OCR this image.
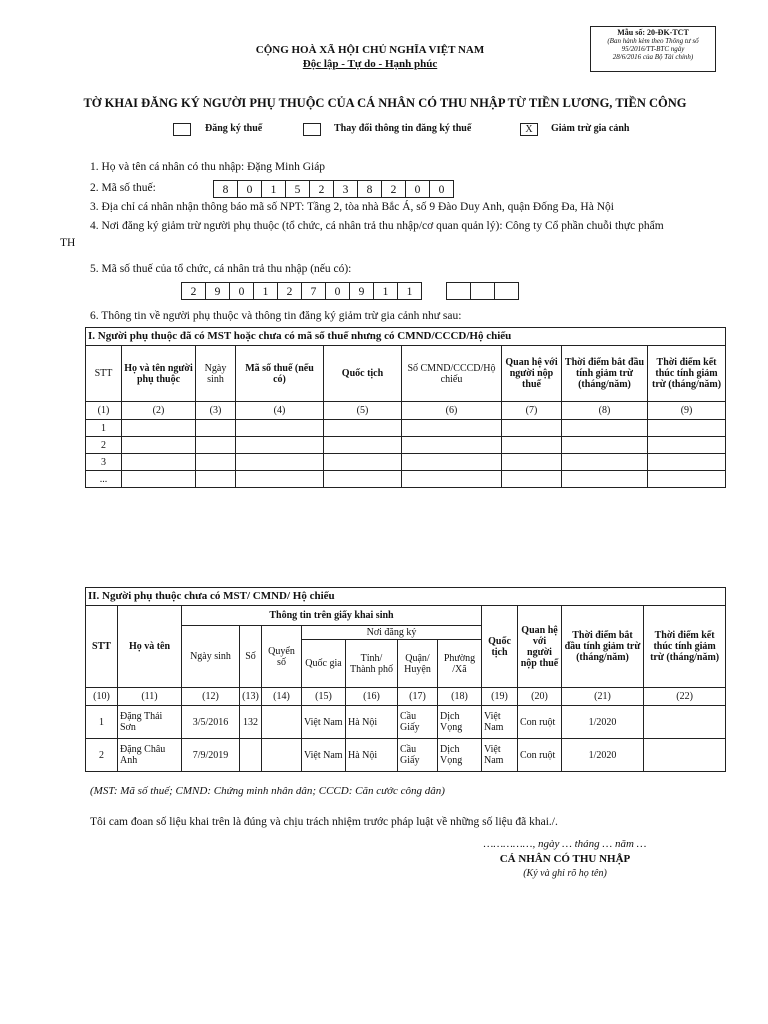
Mẫu số: 20-ĐK-TCT
(Ban hành kèm theo Thông tư số
95/2016/TT-BTC ngày
28/6/2016 của Bộ Tài chính)
CỘNG HOÀ XÃ HỘI CHỦ NGHĨA VIỆT NAM
Độc lập - Tự do - Hạnh phúc
TỜ KHAI ĐĂNG KÝ NGƯỜI PHỤ THUỘC CỦA CÁ NHÂN CÓ THU NHẬP TỪ TIỀN LƯƠNG, TIỀN CÔNG
Đăng ký thuế	Thay đổi thông tin đăng ký thuế	X	Giảm trừ gia cảnh
1. Họ và tên cá nhân có thu nhập: Đặng Minh Giáp
2. Mã số thuế:	8	0	1	5	2	3	8	2	0	0
3. Địa chỉ cá nhân nhận thông báo mã số NPT: Tầng 2, tòa nhà Bắc Á, số 9 Đào Duy Anh, quận Đống Đa, Hà Nội
4. Nơi đăng ký giảm trừ người phụ thuộc (tổ chức, cá nhân trả thu nhập/cơ quan quản lý): Công ty Cổ phần chuỗi thực phẩm
TH
5. Mã số thuế của tổ chức, cá nhân trả thu nhập (nếu có):
2	9	0	1	2	7	0	9	1	1
6. Thông tin về người phụ thuộc và thông tin đăng ký giảm trừ gia cảnh như sau:
I. Người phụ thuộc đã có MST hoặc chưa có mã số thuế nhưng có CMND/CCCD/Hộ chiếu								
STT	Họ và tên người phụ thuộc	Ngày sinh	Mã số thuế (nếu có)	Quốc tịch	Số CMND/CCCD/Hộ chiếu	Quan hệ với người nộp thuế	Thời điểm bắt đầu tính giảm trừ (tháng/năm)	Thời điểm kết thúc tính giảm trừ (tháng/năm)
(1)	(2)	(3)	(4)	(5)	(6)	(7)	(8)	(9)
1								
2								
3								
...								
II. Người phụ thuộc chưa có MST/ CMND/ Hộ chiếu												
STT	Họ và tên	Thông tin trên giấy khai sinh							Quốc tịch	Quan hệ với người nộp thuế	Thời điểm bắt đầu tính giảm trừ (tháng/năm)	Thời điểm kết thúc tính giảm trừ (tháng/năm)
		Ngày sinh	Số	Quyển số	Nơi đăng ký							
					Quốc gia	Tỉnh/ Thành phố	Quận/ Huyện	Phường /Xã				
(10)	(11)	(12)	(13)	(14)	(15)	(16)	(17)	(18)	(19)	(20)	(21)	(22)
1	Đặng Thái Sơn	3/5/2016	132		Việt Nam	Hà Nội	Cầu Giấy	Dịch Vọng	Việt Nam	Con ruột	1/2020	
2	Đặng Châu Anh	7/9/2019			Việt Nam	Hà Nội	Cầu Giấy	Dịch Vọng	Việt Nam	Con ruột	1/2020	
(MST: Mã số thuế; CMND: Chứng minh nhân dân; CCCD: Căn cước công dân)
Tôi cam đoan số liệu khai trên là đúng và chịu trách nhiệm trước pháp luật về những số liệu đã khai./.
……………, ngày … tháng … năm …
CÁ NHÂN CÓ THU NHẬP
(Ký và ghi rõ họ tên)
